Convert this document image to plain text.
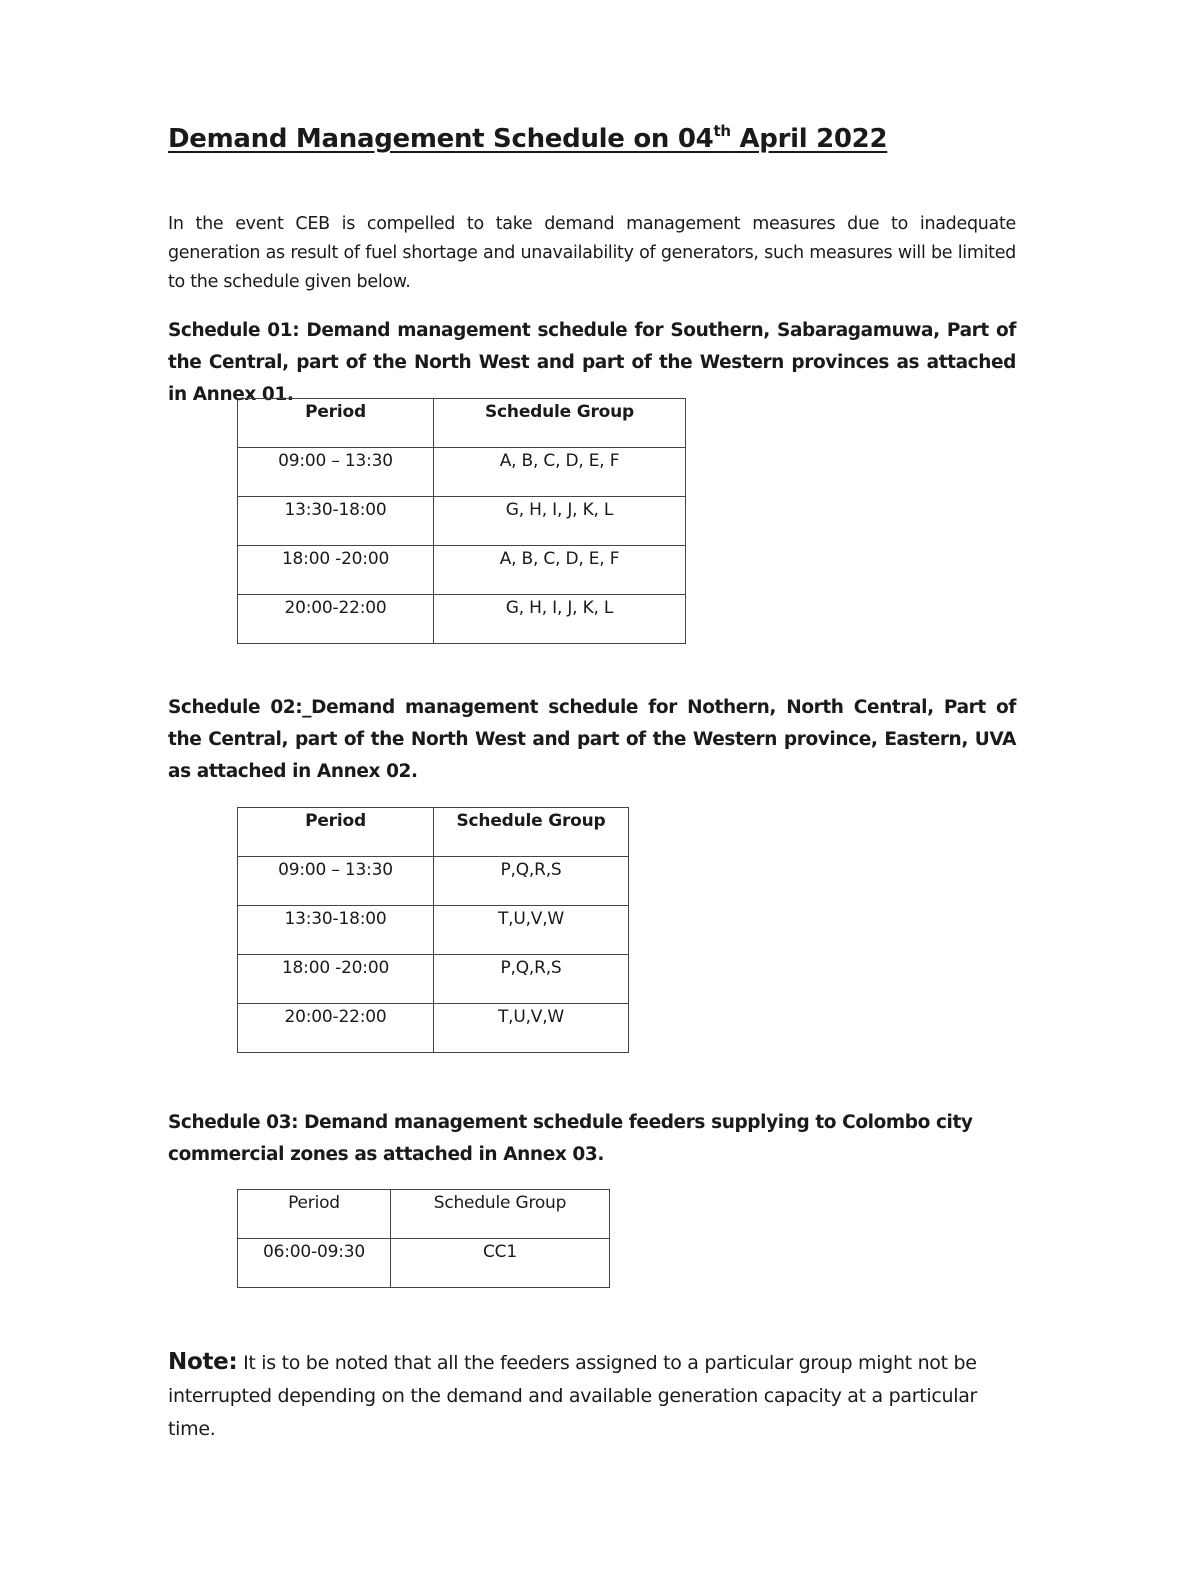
Demand Management Schedule on 04th April 2022

In the event CEB is compelled to take demand management measures due to inadequate generation as result of fuel shortage and unavailability of generators, such measures will be limited to the schedule given below.

Schedule 01: Demand management schedule for Southern, Sabaragamuwa, Part of the Central, part of the North West and part of the Western provinces as attached in Annex 01.

Period	Schedule Group
09:00 – 13:30	A, B, C, D, E, F
13:30-18:00	G, H, I, J, K, L
18:00 -20:00	A, B, C, D, E, F
20:00-22:00	G, H, I, J, K, L

Schedule 02:_Demand management schedule for Nothern, North Central, Part of the Central, part of the North West and part of the Western province, Eastern, UVA as attached in Annex 02.

Period	Schedule Group
09:00 – 13:30	P,Q,R,S
13:30-18:00	T,U,V,W
18:00 -20:00	P,Q,R,S
20:00-22:00	T,U,V,W

Schedule 03: Demand management schedule feeders supplying to Colombo city commercial zones as attached in Annex 03.

Period	Schedule Group
06:00-09:30	CC1

Note: It is to be noted that all the feeders assigned to a particular group might not be interrupted depending on the demand and available generation capacity at a particular time.
